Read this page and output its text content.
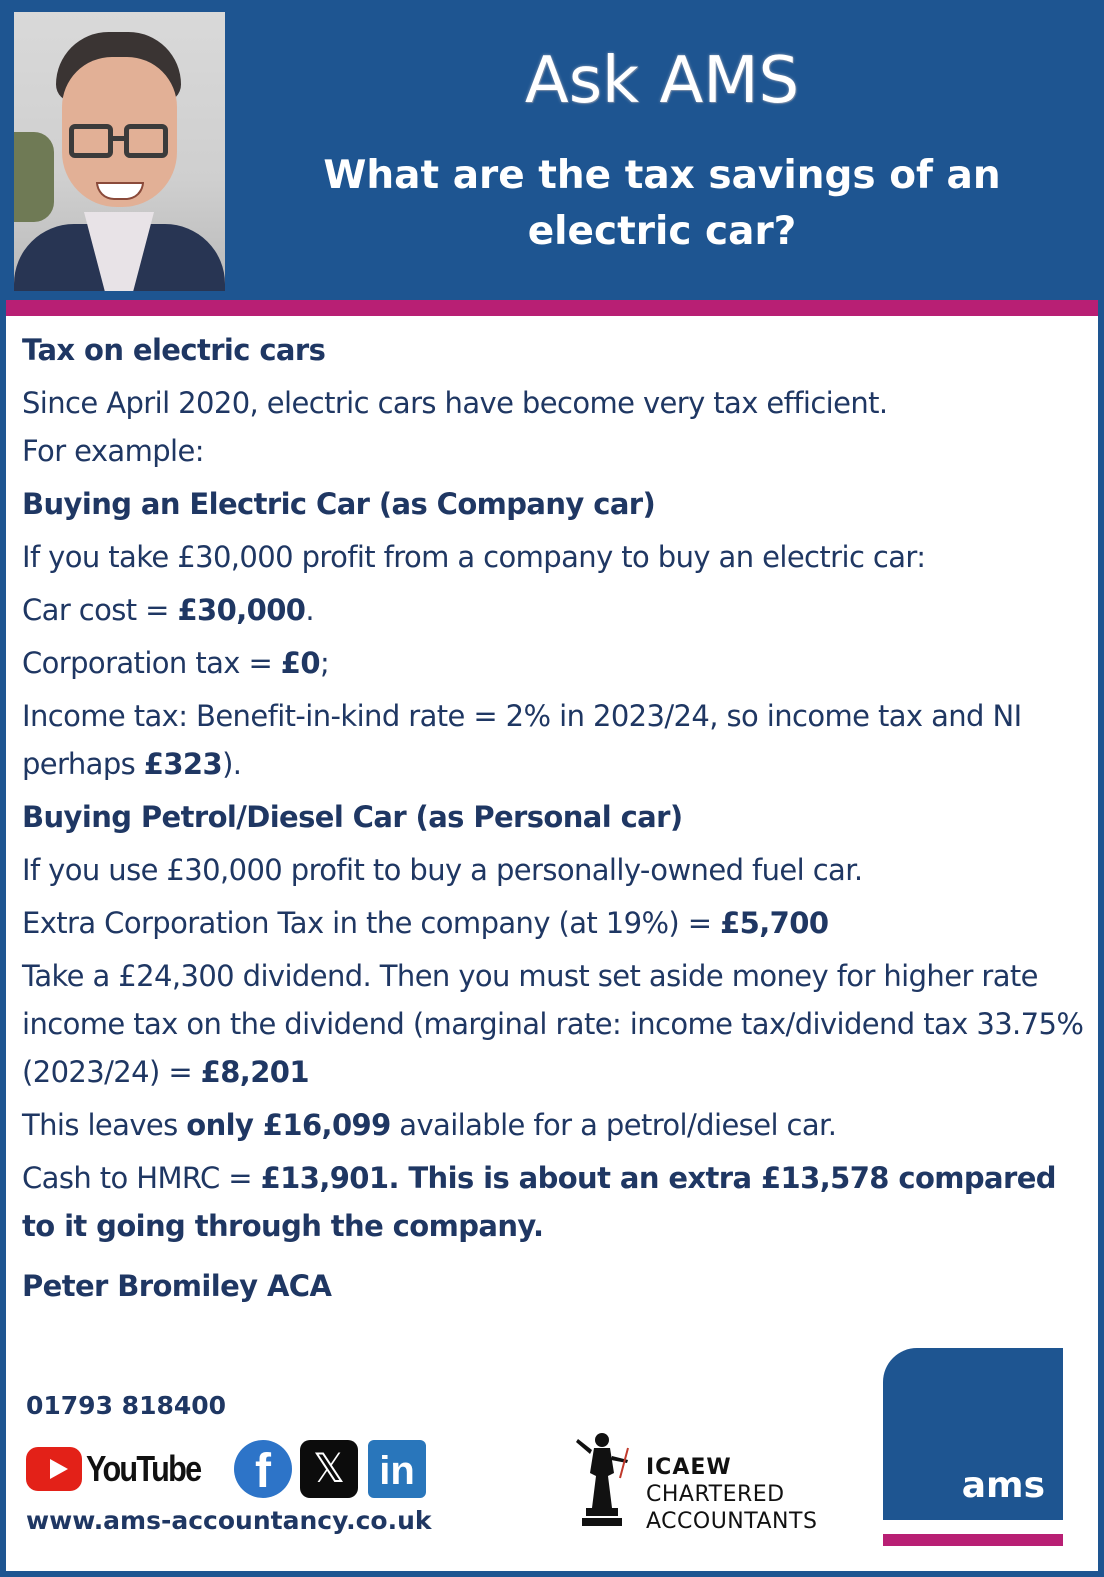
Ask AMS
What are the tax savings of an
electric car?

Tax on electric cars

Since April 2020, electric cars have become very tax efficient.
For example:

Buying an Electric Car (as Company car)

If you take £30,000 profit from a company to buy an electric car:

Car cost = £30,000.

Corporation tax = £0;

Income tax: Benefit-in-kind rate = 2% in 2023/24, so income tax and NI perhaps £323).

Buying Petrol/Diesel Car (as Personal car)

If you use £30,000 profit to buy a personally-owned fuel car.

Extra Corporation Tax in the company (at 19%) = £5,700

Take a £24,300 dividend. Then you must set aside money for higher rate income tax on the dividend (marginal rate: income tax/dividend tax 33.75% (2023/24) = £8,201

This leaves only £16,099 available for a petrol/diesel car.

Cash to HMRC = £13,901. This is about an extra £13,578 compared to it going through the company.

Peter Bromiley ACA

01793 818400
YouTube	f	𝕏 in
www.ams-accountancy.co.uk
ICAEW
CHARTERED
ACCOUNTANTS
ams
